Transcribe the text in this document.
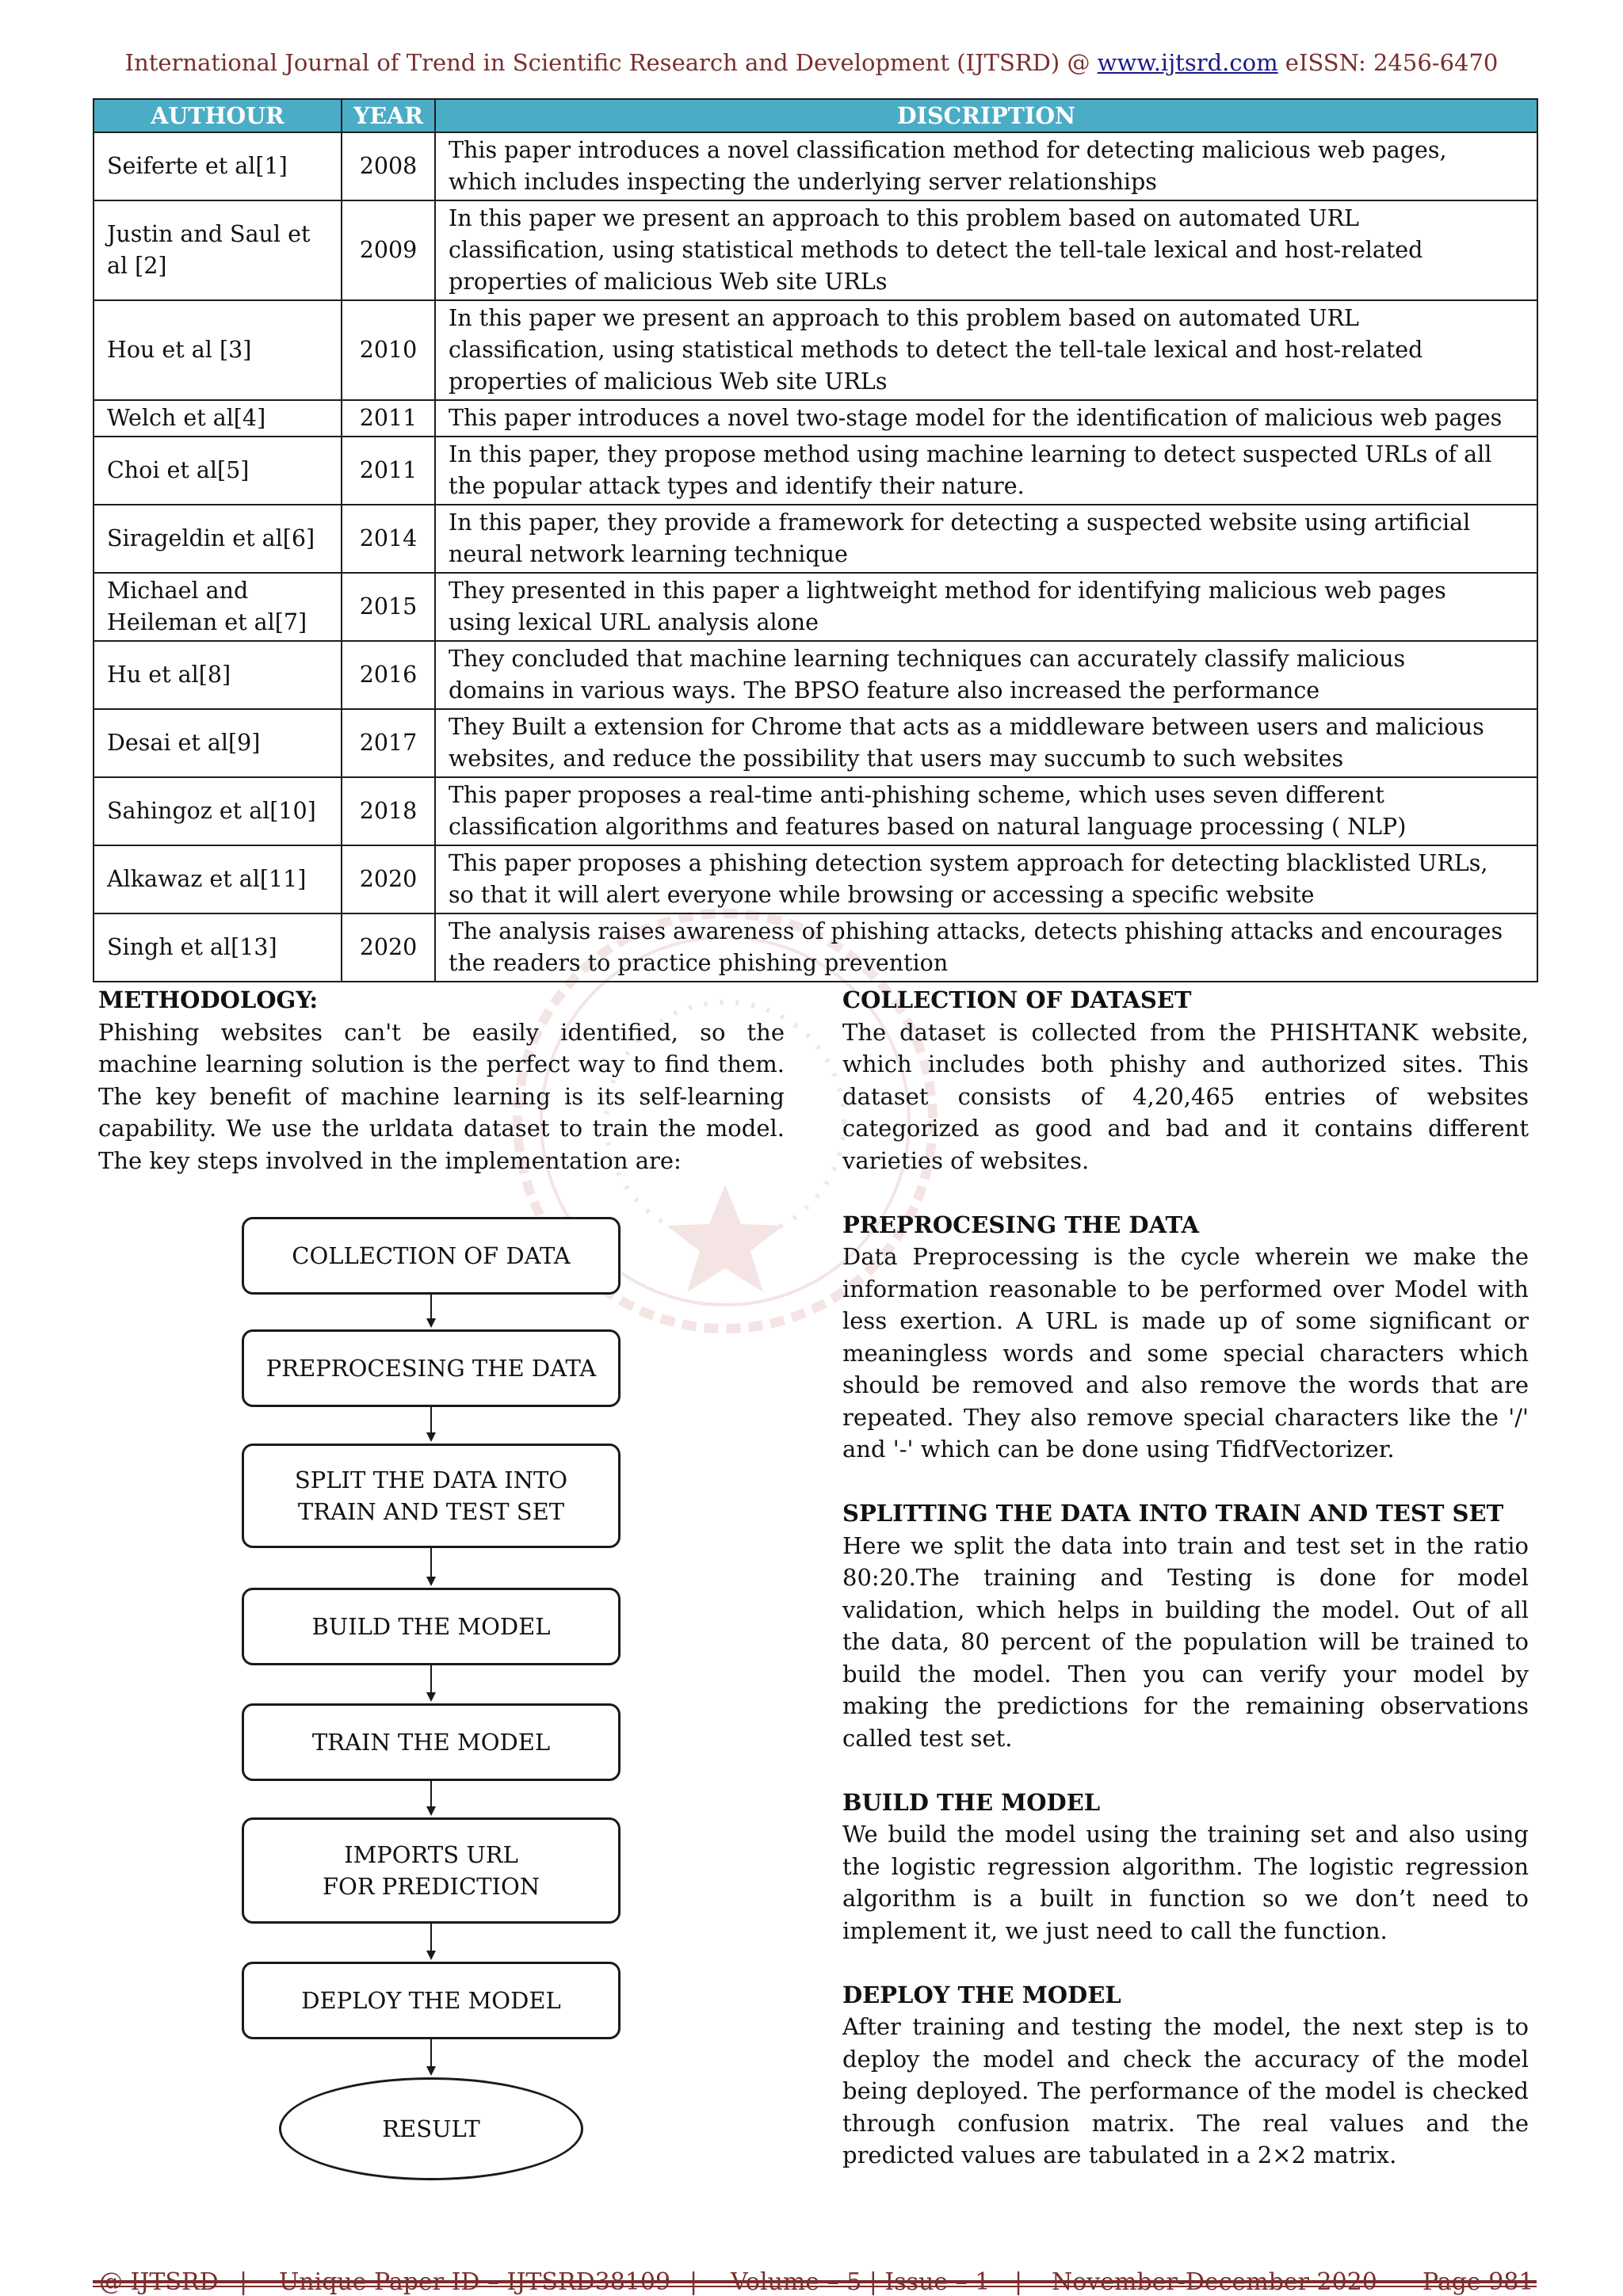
International Journal of Trend in Scientific Research and Development (IJTSRD) @ www.ijtsrd.com eISSN: 2456-6470
AUTHOUR	YEAR	DISCRIPTION
Seiferte et al[1]	2008	This paper introduces a novel classification method for detecting malicious web pages,
which includes inspecting the underlying server relationships

Justin and Saul et al [2]	2009	In this paper we present an approach to this problem based on automated URL
classification, using statistical methods to detect the tell-tale lexical and host-related
properties of malicious Web site URLs

Hou et al [3]	2010	In this paper we present an approach to this problem based on automated URL
classification, using statistical methods to detect the tell-tale lexical and host-related
properties of malicious Web site URLs

Welch et al[4]	2011	This paper introduces a novel two-stage model for the identification of malicious web pages

Choi et al[5]	2011	In this paper, they propose method using machine learning to detect suspected URLs of all
the popular attack types and identify their nature.

Sirageldin et al[6]	2014	In this paper, they provide a framework for detecting a suspected website using artificial
neural network learning technique

Michael and Heileman et al[7]	2015	They presented in this paper a lightweight method for identifying malicious web pages
using lexical URL analysis alone

Hu et al[8]	2016	They concluded that machine learning techniques can accurately classify malicious
domains in various ways. The BPSO feature also increased the performance

Desai et al[9]	2017	They Built a extension for Chrome that acts as a middleware between users and malicious
websites, and reduce the possibility that users may succumb to such websites

Sahingoz et al[10]	2018	This paper proposes a real-time anti-phishing scheme, which uses seven different
classification algorithms and features based on natural language processing ( NLP)

Alkawaz et al[11]	2020	This paper proposes a phishing detection system approach for detecting blacklisted URLs,
so that it will alert everyone while browsing or accessing a specific website

Singh et al[13]	2020	The analysis raises awareness of phishing attacks, detects phishing attacks and encourages
the readers to practice phishing prevention
METHODOLOGY:

Phishing websites can't be easily identified, so the machine learning solution is the perfect way to find them. The key benefit of machine learning is its self-learning capability. We use the urldata dataset to train the model. The key steps involved in the implementation are:

COLLECTION OF DATA
PREPROCESING THE DATA
SPLIT THE DATA INTO TRAIN AND TEST SET
BUILD THE MODEL
TRAIN THE MODEL
IMPORTS URL FOR PREDICTION
DEPLOY THE MODEL
RESULT
COLLECTION OF DATASET

The dataset is collected from the PHISHTANK website, which includes both phishy and authorized sites. This dataset consists of 4,20,465 entries of websites categorized as good and bad and it contains different varieties of websites.

PREPROCESING THE DATA

Data Preprocessing is the cycle wherein we make the information reasonable to be performed over Model with less exertion. A URL is made up of some significant or meaningless words and some special characters which should be removed and also remove the words that are repeated. They also remove special characters like the '/' and '-' which can be done using TfidfVectorizer.

SPLITTING THE DATA INTO TRAIN AND TEST SET

Here we split the data into train and test set in the ratio 80:20.The training and Testing is done for model validation, which helps in building the model. Out of all the data, 80 percent of the population will be trained to build the model. Then you can verify your model by making the predictions for the remaining observations called test set.

BUILD THE MODEL

We build the model using the training set and also using the logistic regression algorithm. The logistic regression algorithm is a built in function so we don’t need to implement it, we just need to call the function.

DEPLOY THE MODEL

After training and testing the model, the next step is to deploy the model and check the accuracy of the model being deployed. The performance of the model is checked through confusion matrix. The real values and the predicted values are tabulated in a 2×2 matrix.

@ IJTSRD | Unique Paper ID – IJTSRD38109 | Volume – 5 | Issue – 1 | November-December 2020 Page 981
